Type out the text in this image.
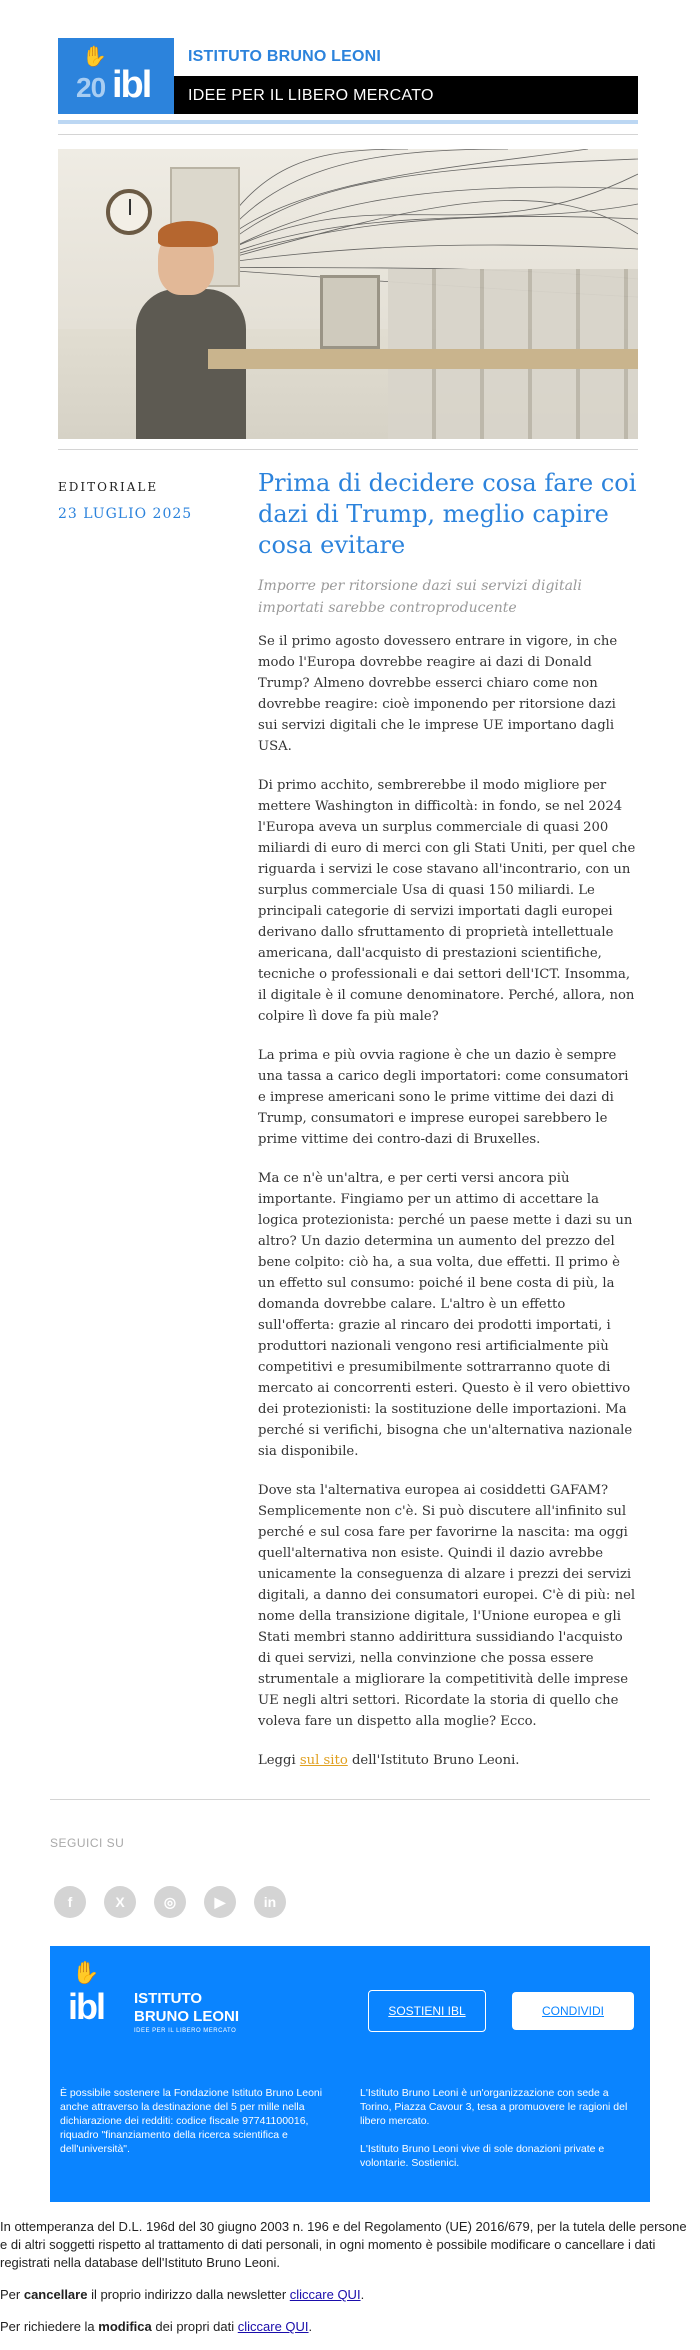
✋
20 ibl
ISTITUTO BRUNO LEONI
IDEE PER IL LIBERO MERCATO
EDITORIALE
23 LUGLIO 2025
Prima di decidere cosa fare coi dazi di Trump, meglio capire cosa evitare
Imporre per ritorsione dazi sui servizi digitali importati sarebbe controproducente

Se il primo agosto dovessero entrare in vigore, in che modo l'Europa dovrebbe reagire ai dazi di Donald Trump? Almeno dovrebbe esserci chiaro come non dovrebbe reagire: cioè imponendo per ritorsione dazi sui servizi digitali che le imprese UE importano dagli USA.

Di primo acchito, sembrerebbe il modo migliore per mettere Washington in difficoltà: in fondo, se nel 2024 l'Europa aveva un surplus commerciale di quasi 200 miliardi di euro di merci con gli Stati Uniti, per quel che riguarda i servizi le cose stavano all'incontrario, con un surplus commerciale Usa di quasi 150 miliardi. Le principali categorie di servizi importati dagli europei derivano dallo sfruttamento di proprietà intellettuale americana, dall'acquisto di prestazioni scientifiche, tecniche o professionali e dai settori dell'ICT. Insomma, il digitale è il comune denominatore. Perché, allora, non colpire lì dove fa più male?

La prima e più ovvia ragione è che un dazio è sempre una tassa a carico degli importatori: come consumatori e imprese americani sono le prime vittime dei dazi di Trump, consumatori e imprese europei sarebbero le prime vittime dei contro-dazi di Bruxelles.

Ma ce n'è un'altra, e per certi versi ancora più importante. Fingiamo per un attimo di accettare la logica protezionista: perché un paese mette i dazi su un altro? Un dazio determina un aumento del prezzo del bene colpito: ciò ha, a sua volta, due effetti. Il primo è un effetto sul consumo: poiché il bene costa di più, la domanda dovrebbe calare. L'altro è un effetto sull'offerta: grazie al rincaro dei prodotti importati, i produttori nazionali vengono resi artificialmente più competitivi e presumibilmente sottrarranno quote di mercato ai concorrenti esteri. Questo è il vero obiettivo dei protezionisti: la sostituzione delle importazioni. Ma perché si verifichi, bisogna che un'alternativa nazionale sia disponibile.

Dove sta l'alternativa europea ai cosiddetti GAFAM? Semplicemente non c'è. Si può discutere all'infinito sul perché e sul cosa fare per favorirne la nascita: ma oggi quell'alternativa non esiste. Quindi il dazio avrebbe unicamente la conseguenza di alzare i prezzi dei servizi digitali, a danno dei consumatori europei. C'è di più: nel nome della transizione digitale, l'Unione europea e gli Stati membri stanno addirittura sussidiando l'acquisto di quei servizi, nella convinzione che possa essere strumentale a migliorare la competitività delle imprese UE negli altri settori. Ricordate la storia di quello che voleva fare un dispetto alla moglie? Ecco.

Leggi sul sito dell'Istituto Bruno Leoni.

SEGUICI SU
f	X	◎	▶	in
✋
ibl ISTITUTO
BRUNO LEONI
IDEE PER IL LIBERO MERCATO
SOSTIENI IBL	CONDIVIDI
È possibile sostenere la Fondazione Istituto Bruno Leoni anche attraverso la destinazione del 5 per mille nella dichiarazione dei redditi: codice fiscale 97741100016, riquadro "finanziamento della ricerca scientifica e dell'università".

L'Istituto Bruno Leoni è un'organizzazione con sede a Torino, Piazza Cavour 3, tesa a promuovere le ragioni del libero mercato.

L'Istituto Bruno Leoni vive di sole donazioni private e volontarie. Sostienici.

In ottemperanza del D.L. 196d del 30 giugno 2003 n. 196 e del Regolamento (UE) 2016/679, per la tutela delle persone e di altri soggetti rispetto al trattamento di dati personali, in ogni momento è possibile modificare o cancellare i dati registrati nella database dell'Istituto Bruno Leoni.

Per cancellare il proprio indirizzo dalla newsletter cliccare QUI.

Per richiedere la modifica dei propri dati cliccare QUI.
